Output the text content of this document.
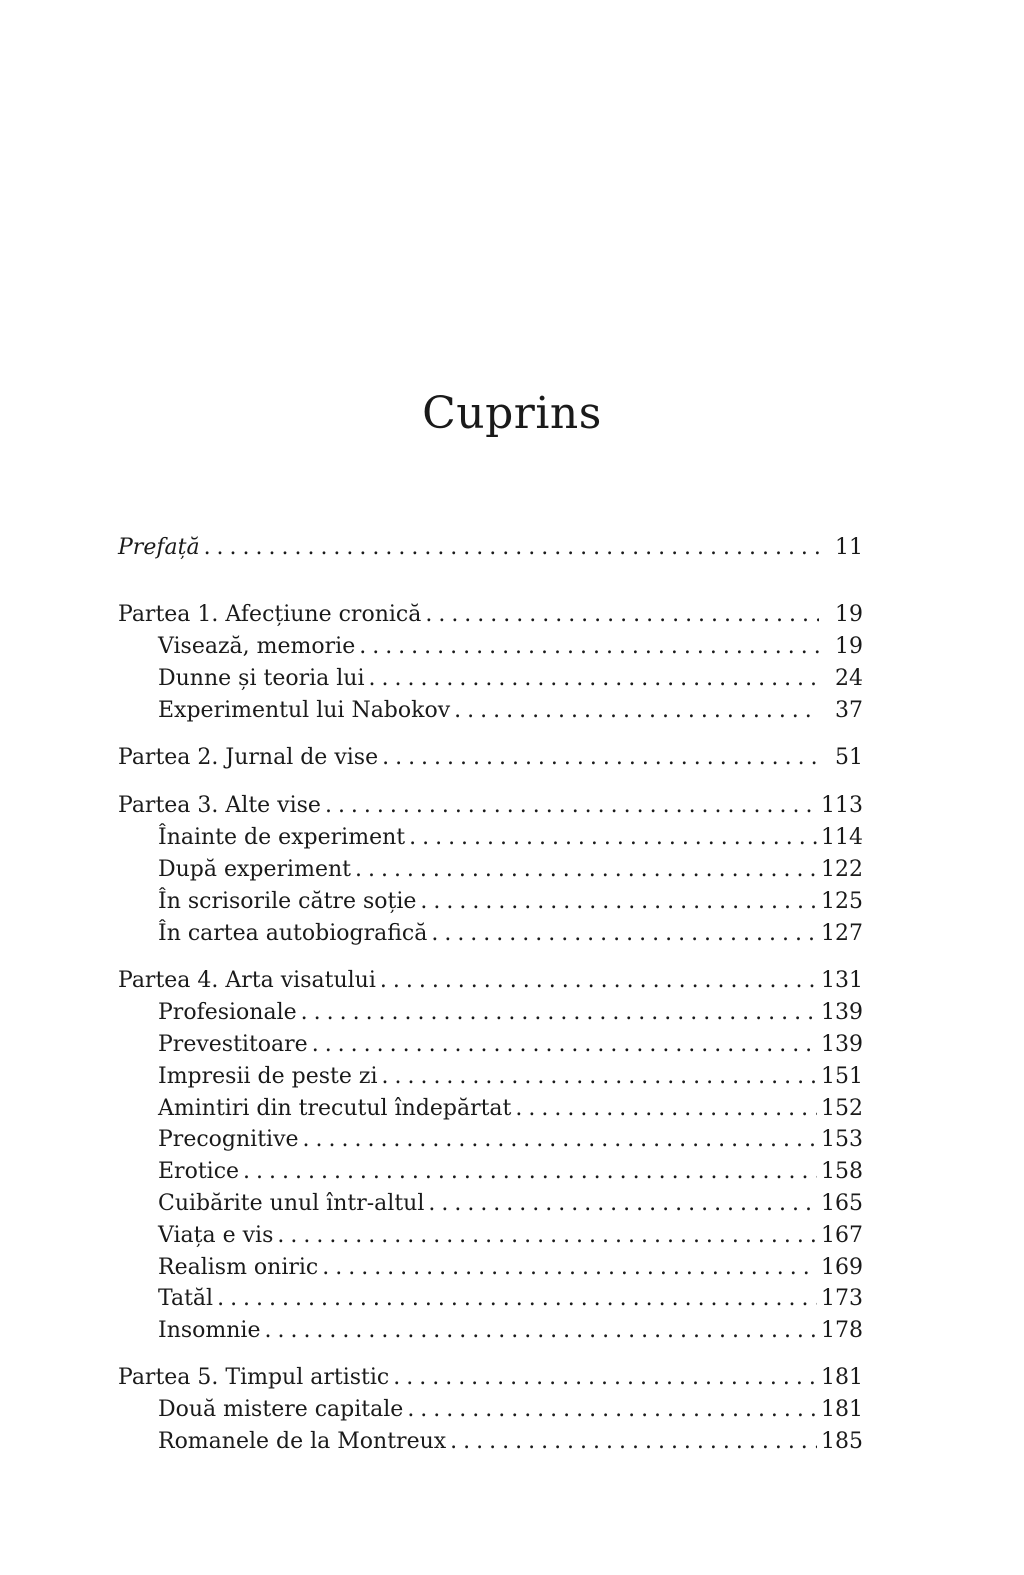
Cuprins
Prefață . . .	11
Partea 1. Afecțiune cronică . . .	19
Visează, memorie . . .	19
Dunne și teoria lui . . .	24
Experimentul lui Nabokov . . .	37
Partea 2. Jurnal de vise . . .	51
Partea 3. Alte vise . . .	113
Înainte de experiment . . .	114
După experiment . . .	122
În scrisorile către soție . . .	125
În cartea autobiografică . . .	127
Partea 4. Arta visatului . . .	131
Profesionale . . .	139
Prevestitoare . . .	139
Impresii de peste zi . . .	151
Amintiri din trecutul îndepărtat . . .	152
Precognitive . . .	153
Erotice . . .	158
Cuibărite unul într-altul . . .	165
Viața e vis . . .	167
Realism oniric . . .	169
Tatăl . . .	173
Insomnie . . .	178
Partea 5. Timpul artistic . . .	181
Două mistere capitale . . .	181
Romanele de la Montreux . . .	185
